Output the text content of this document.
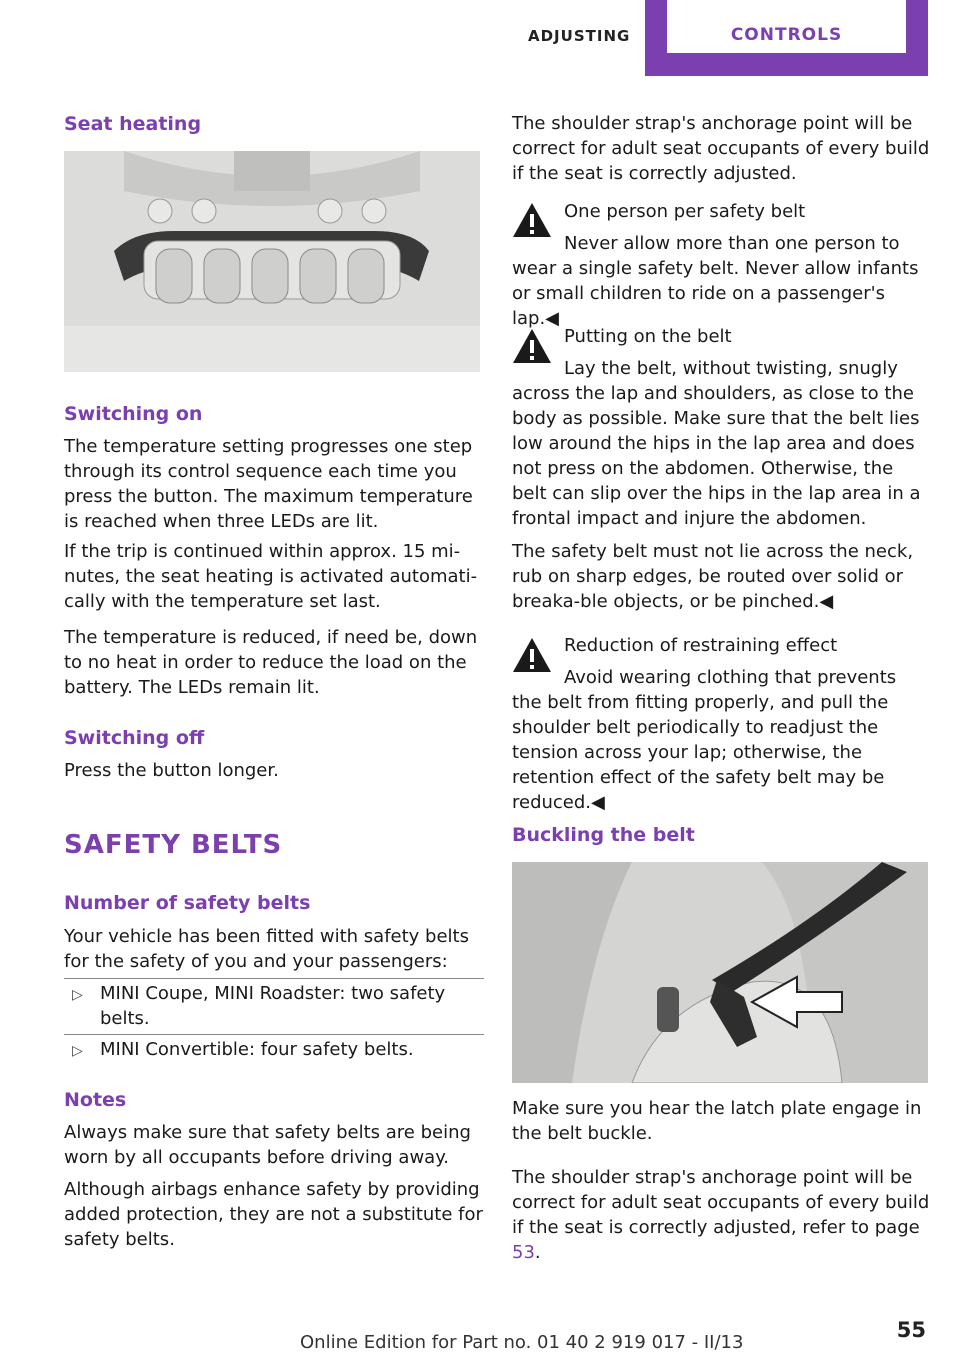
ADJUSTING	CONTROLS
Seat heating
Switching on

The temperature setting progresses one step through its control sequence each time you press the button. The maximum temperature is reached when three LEDs are lit.

If the trip is continued within approx. 15 mi-nutes, the seat heating is activated automati-cally with the temperature set last.

The temperature is reduced, if need be, down to no heat in order to reduce the load on the battery. The LEDs remain lit.

Switching off

Press the button longer.

SAFETY BELTS
Number of safety belts

Your vehicle has been fitted with safety belts for the safety of you and your passengers:

▷ MINI Coupe, MINI Roadster: two safety belts.

▷ MINI Convertible: four safety belts.

Notes

Always make sure that safety belts are being worn by all occupants before driving away.

Although airbags enhance safety by providing added protection, they are not a substitute for safety belts.

The shoulder strap's anchorage point will be correct for adult seat occupants of every build if the seat is correctly adjusted.

One person per safety belt

Never allow more than one person to wear a single safety belt. Never allow infants or small children to ride on a passenger's lap.◀

Putting on the belt

Lay the belt, without twisting, snugly across the lap and shoulders, as close to the body as possible. Make sure that the belt lies low around the hips in the lap area and does not press on the abdomen. Otherwise, the belt can slip over the hips in the lap area in a frontal impact and injure the abdomen.

The safety belt must not lie across the neck, rub on sharp edges, be routed over solid or breaka-ble objects, or be pinched.◀

Reduction of restraining effect

Avoid wearing clothing that prevents the belt from fitting properly, and pull the shoulder belt periodically to readjust the tension across your lap; otherwise, the retention effect of the safety belt may be reduced.◀

Buckling the belt

Make sure you hear the latch plate engage in the belt buckle.

The shoulder strap's anchorage point will be correct for adult seat occupants of every build if the seat is correctly adjusted, refer to page 53.

Online Edition for Part no. 01 40 2 919 017 - II/13
55
